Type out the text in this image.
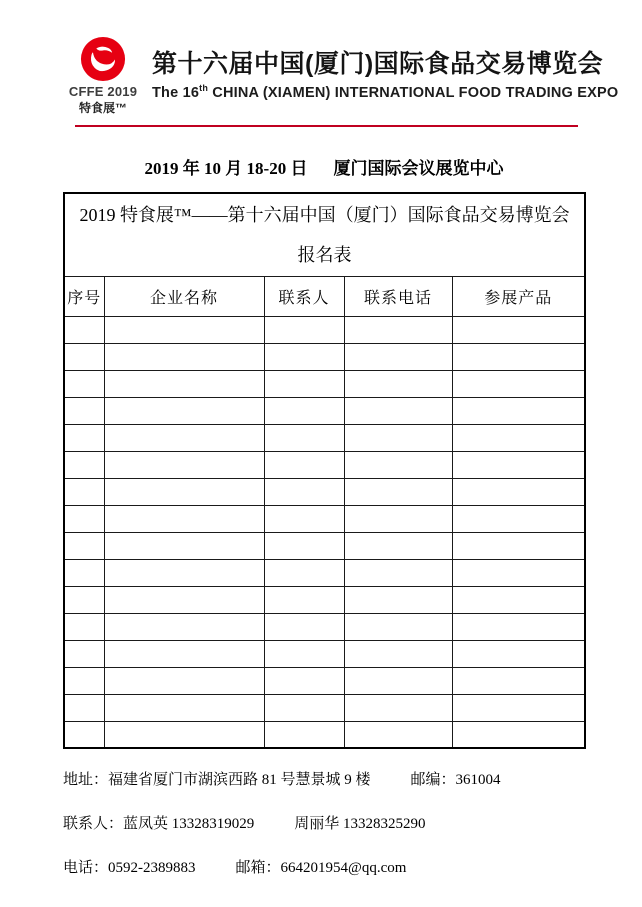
CFFE 2019
特食展™
第十六届中国(厦门)国际食品交易博览会
The 16th CHINA (XIAMEN) INTERNATIONAL FOOD TRADING EXPO
2019 年 10 月 18-20 日 厦门国际会议展览中心
2019 特食展™——第十六届中国（厦门）国际食品交易博览会
报名表				

序号	企业名称	联系人	联系电话	参展产品

地址：福建省厦门市湖滨西路 81 号慧景城 9 楼	邮编：361004
联系人：蓝凤英 13328319029	周丽华 13328325290
电话：0592-2389883	邮箱：664201954@qq.com
